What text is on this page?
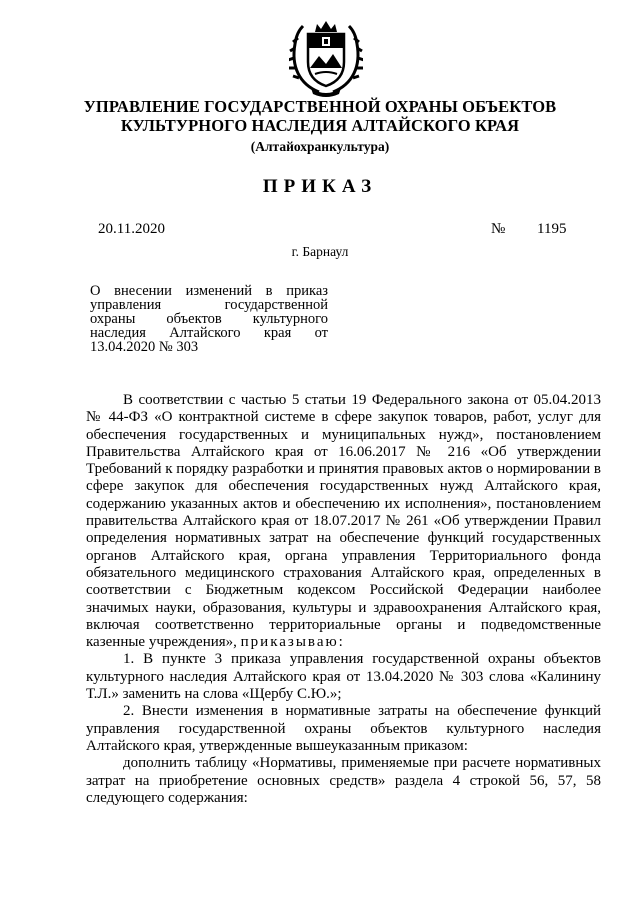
УПРАВЛЕНИЕ ГОСУДАРСТВЕННОЙ ОХРАНЫ ОБЪЕКТОВ
КУЛЬТУРНОГО НАСЛЕДИЯ АЛТАЙСКОГО КРАЯ
(Алтайохранкультура)
ПРИКАЗ
20.11.2020	№ 1195
г. Барнаул
О внесении изменений в приказ
управления государственной
охраны объектов культурного
наследия Алтайского края от
13.04.2020 № 303

В соответствии с частью 5 статьи 19 Федерального закона от 05.04.2013 № 44-ФЗ «О контрактной системе в сфере закупок товаров, работ, услуг для обеспечения государственных и муниципальных нужд», постановлением Правительства Алтайского края от 16.06.2017 № 216 «Об утверждении Требований к порядку разработки и принятия правовых актов о нормировании в сфере закупок для обеспечения государственных нужд Алтайского края, содержанию указанных актов и обеспечению их исполнения», постановлением правительства Алтайского края от 18.07.2017 № 261 «Об утверждении Правил определения нормативных затрат на обеспечение функций государственных органов Алтайского края, органа управления Территориального фонда обязательного медицинского страхования Алтайского края, определенных в соответствии с Бюджетным кодексом Российской Федерации наиболее значимых науки, образования, культуры и здравоохранения Алтайского края, включая соответственно территориальные органы и подведомственные казенные учреждения», приказываю:

1. В пункте 3 приказа управления государственной охраны объектов культурного наследия Алтайского края от 13.04.2020 № 303 слова «Калинину Т.Л.» заменить на слова «Щербу С.Ю.»;

2. Внести изменения в нормативные затраты на обеспечение функций управления государственной охраны объектов культурного наследия Алтайского края, утвержденные вышеуказанным приказом:

дополнить таблицу «Нормативы, применяемые при расчете нормативных затрат на приобретение основных средств» раздела 4 строкой 56, 57, 58 следующего содержания:
